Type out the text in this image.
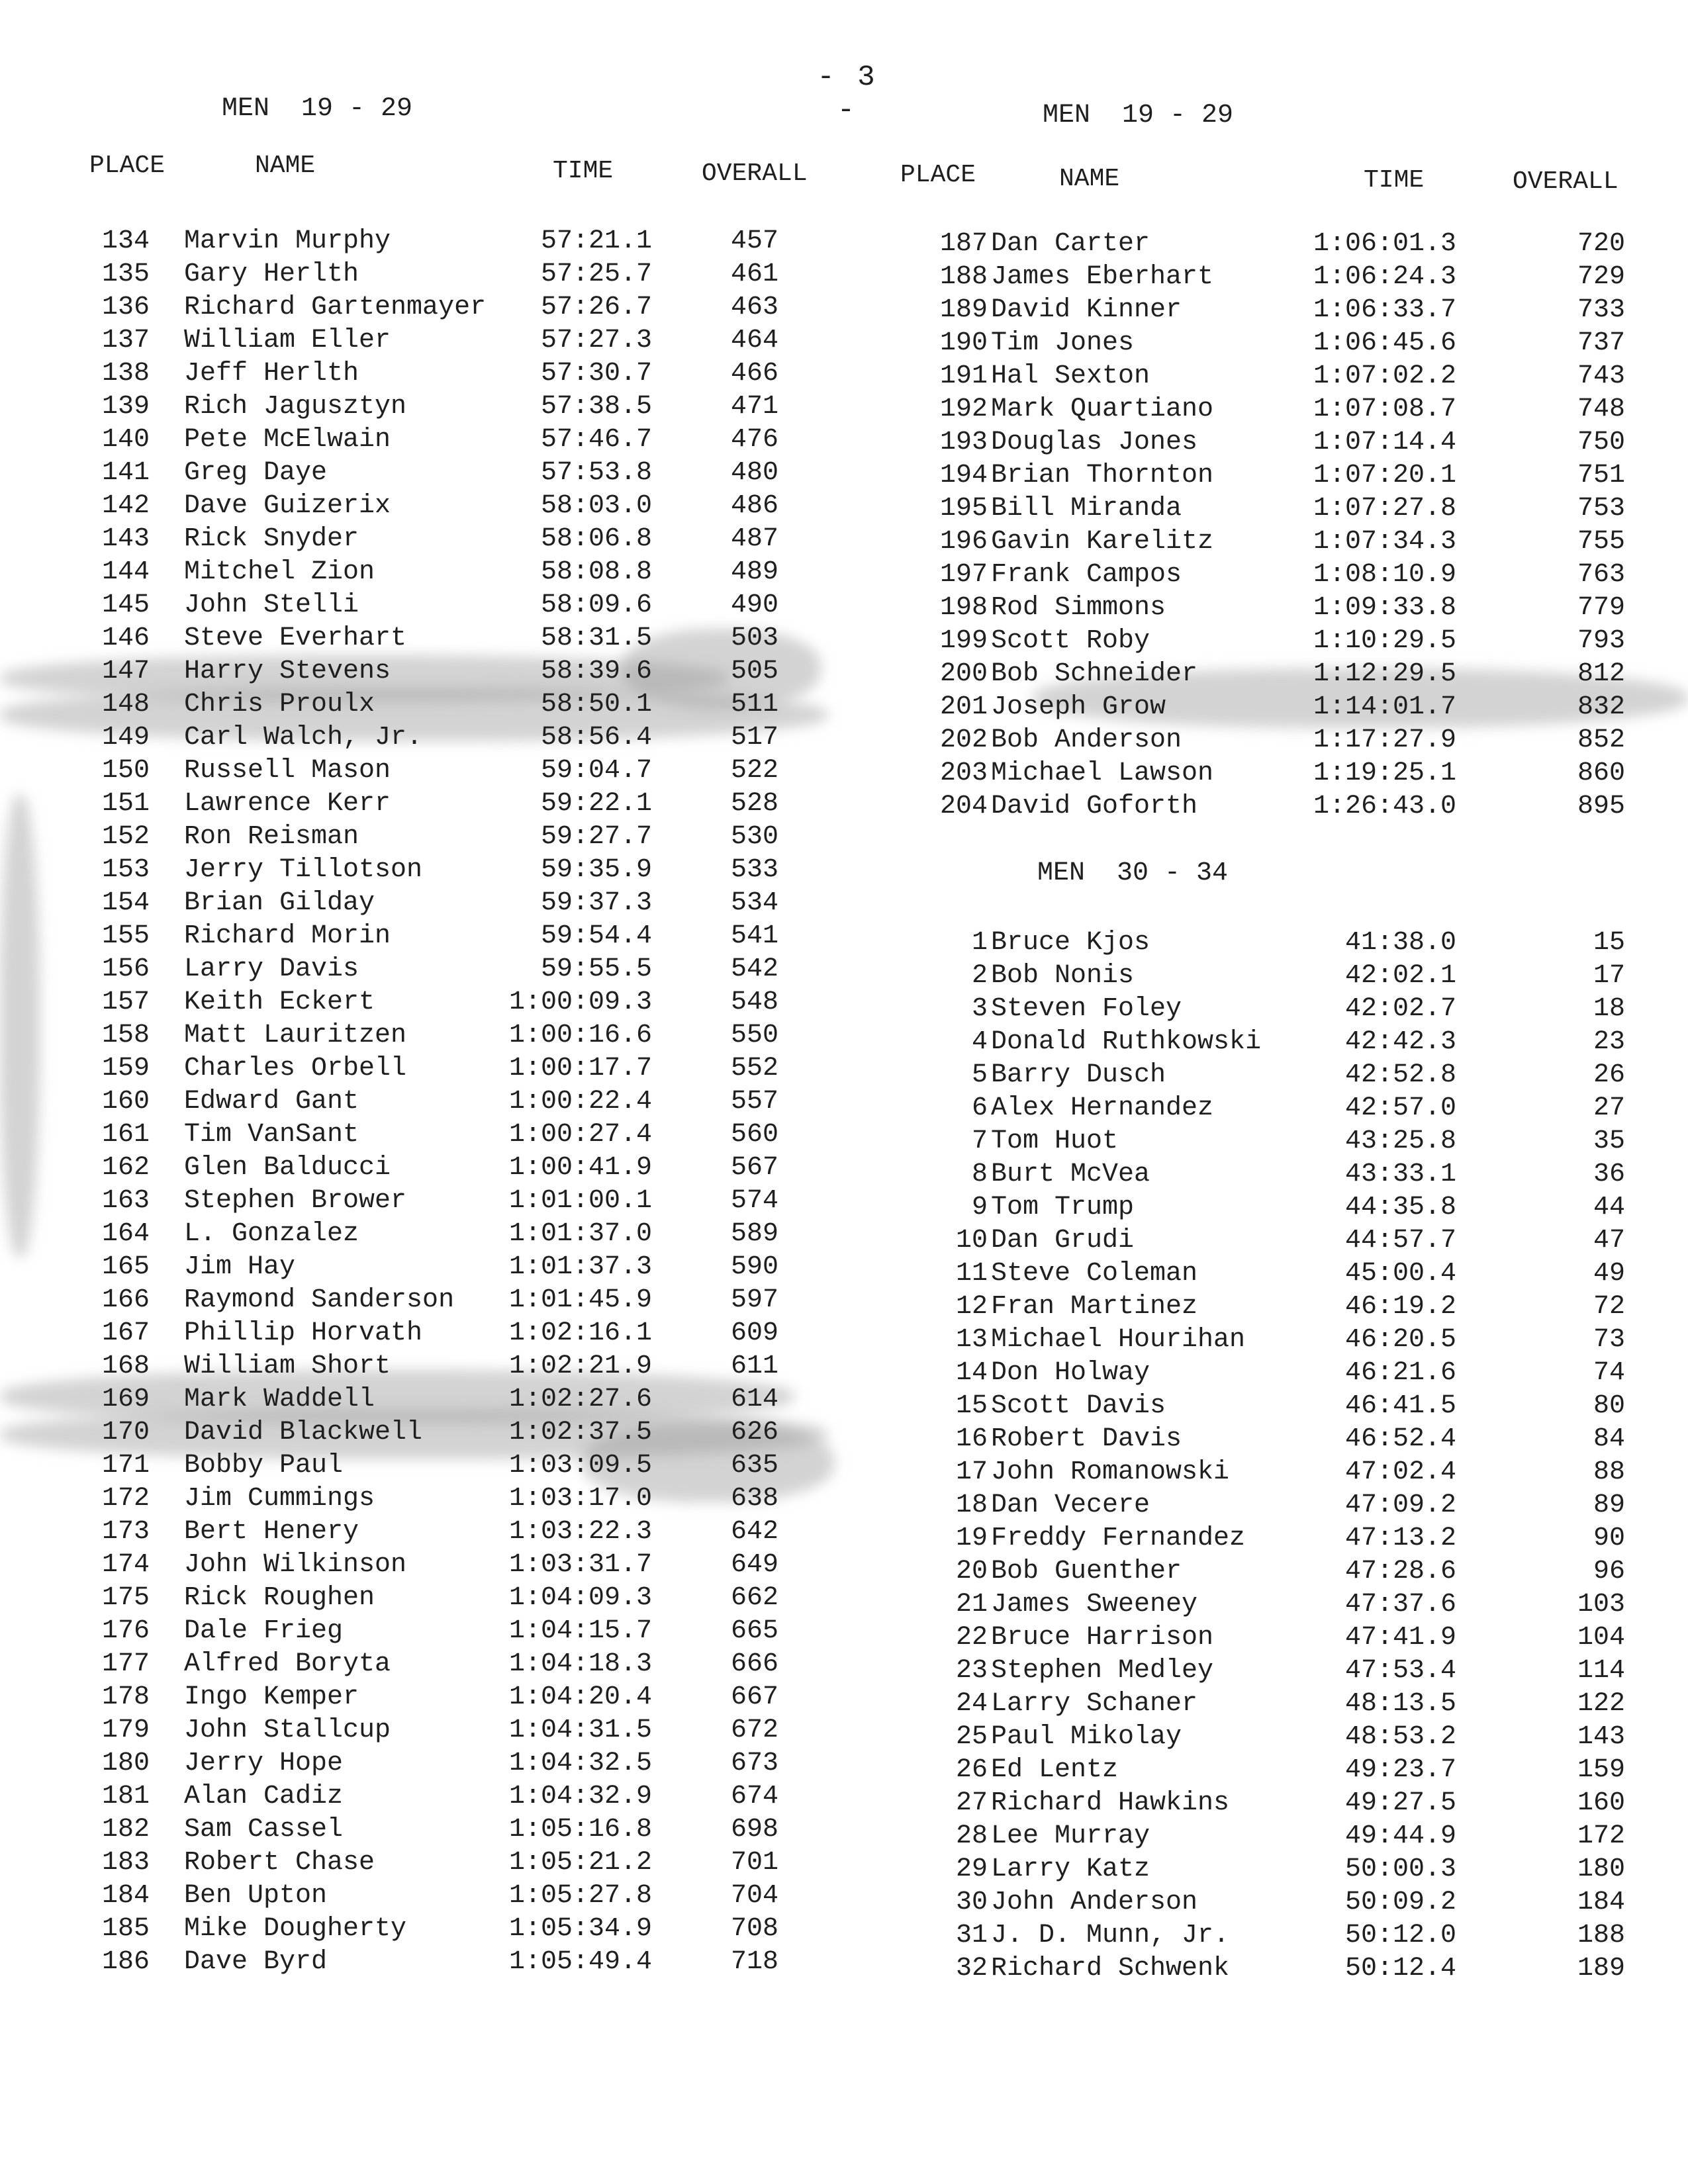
- 3 -
MEN  19 - 29
PLACE	NAME	TIME	OVERALL
134 Marvin Murphy	57:21.1	457
135 Gary Herlth	57:25.7	461
136 Richard Gartenmayer	57:26.7	463
137 William Eller	57:27.3	464
138 Jeff Herlth	57:30.7	466
139 Rich Jagusztyn	57:38.5	471
140 Pete McElwain	57:46.7	476
141 Greg Daye	57:53.8	480
142 Dave Guizerix	58:03.0	486
143 Rick Snyder	58:06.8	487
144 Mitchel Zion	58:08.8	489
145 John Stelli	58:09.6	490
146 Steve Everhart	58:31.5	503
147 Harry Stevens	58:39.6	505
148 Chris Proulx	58:50.1	511
149 Carl Walch, Jr.	58:56.4	517
150 Russell Mason	59:04.7	522
151 Lawrence Kerr	59:22.1	528
152 Ron Reisman	59:27.7	530
153 Jerry Tillotson	59:35.9	533
154 Brian Gilday	59:37.3	534
155 Richard Morin	59:54.4	541
156 Larry Davis	59:55.5	542
157 Keith Eckert	1:00:09.3	548
158 Matt Lauritzen	1:00:16.6	550
159 Charles Orbell	1:00:17.7	552
160 Edward Gant	1:00:22.4	557
161 Tim VanSant	1:00:27.4	560
162 Glen Balducci	1:00:41.9	567
163 Stephen Brower	1:01:00.1	574
164 L. Gonzalez	1:01:37.0	589
165 Jim Hay	1:01:37.3	590
166 Raymond Sanderson	1:01:45.9	597
167 Phillip Horvath	1:02:16.1	609
168 William Short	1:02:21.9	611
169 Mark Waddell	1:02:27.6	614
170 David Blackwell	1:02:37.5	626
171 Bobby Paul	1:03:09.5	635
172 Jim Cummings	1:03:17.0	638
173 Bert Henery	1:03:22.3	642
174 John Wilkinson	1:03:31.7	649
175 Rick Roughen	1:04:09.3	662
176 Dale Frieg	1:04:15.7	665
177 Alfred Boryta	1:04:18.3	666
178 Ingo Kemper	1:04:20.4	667
179 John Stallcup	1:04:31.5	672
180 Jerry Hope	1:04:32.5	673
181 Alan Cadiz	1:04:32.9	674
182 Sam Cassel	1:05:16.8	698
183 Robert Chase	1:05:21.2	701
184 Ben Upton	1:05:27.8	704
185 Mike Dougherty	1:05:34.9	708
186 Dave Byrd	1:05:49.4	718
MEN  19 - 29
PLACE	NAME	TIME	OVERALL
187 Dan Carter	1:06:01.3	720
188 James Eberhart	1:06:24.3	729
189 David Kinner	1:06:33.7	733
190 Tim Jones	1:06:45.6	737
191 Hal Sexton	1:07:02.2	743
192 Mark Quartiano	1:07:08.7	748
193 Douglas Jones	1:07:14.4	750
194 Brian Thornton	1:07:20.1	751
195 Bill Miranda	1:07:27.8	753
196 Gavin Karelitz	1:07:34.3	755
197 Frank Campos	1:08:10.9	763
198 Rod Simmons	1:09:33.8	779
199 Scott Roby	1:10:29.5	793
200 Bob Schneider	1:12:29.5	812
201 Joseph Grow	1:14:01.7	832
202 Bob Anderson	1:17:27.9	852
203 Michael Lawson	1:19:25.1	860
204 David Goforth	1:26:43.0	895
MEN  30 - 34
1 Bruce Kjos	41:38.0	15
2 Bob Nonis	42:02.1	17
3 Steven Foley	42:02.7	18
4 Donald Ruthkowski	42:42.3	23
5 Barry Dusch	42:52.8	26
6 Alex Hernandez	42:57.0	27
7 Tom Huot	43:25.8	35
8 Burt McVea	43:33.1	36
9 Tom Trump	44:35.8	44
10 Dan Grudi	44:57.7	47
11 Steve Coleman	45:00.4	49
12 Fran Martinez	46:19.2	72
13 Michael Hourihan	46:20.5	73
14 Don Holway	46:21.6	74
15 Scott Davis	46:41.5	80
16 Robert Davis	46:52.4	84
17 John Romanowski	47:02.4	88
18 Dan Vecere	47:09.2	89
19 Freddy Fernandez	47:13.2	90
20 Bob Guenther	47:28.6	96
21 James Sweeney	47:37.6	103
22 Bruce Harrison	47:41.9	104
23 Stephen Medley	47:53.4	114
24 Larry Schaner	48:13.5	122
25 Paul Mikolay	48:53.2	143
26 Ed Lentz	49:23.7	159
27 Richard Hawkins	49:27.5	160
28 Lee Murray	49:44.9	172
29 Larry Katz	50:00.3	180
30 John Anderson	50:09.2	184
31 J. D. Munn, Jr.	50:12.0	188
32 Richard Schwenk	50:12.4	189
